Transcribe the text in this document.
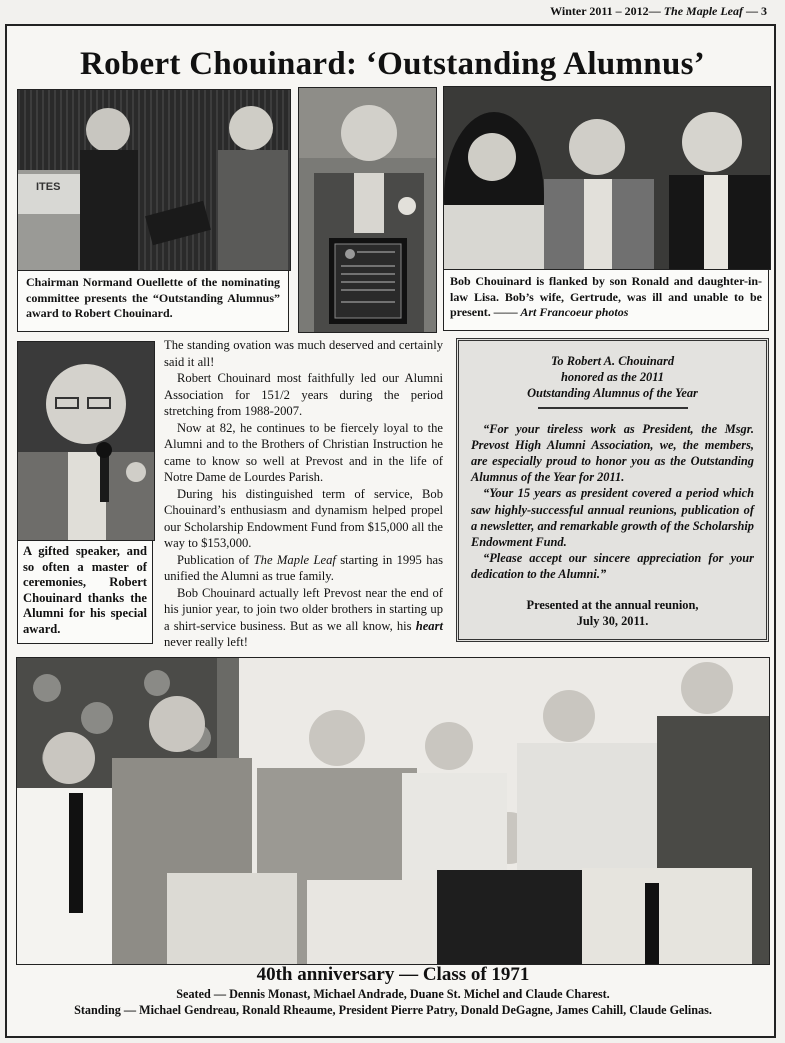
Winter 2011 – 2012— The Maple Leaf — 3
Robert Chouinard: ‘Outstanding Alumnus’
ITES
Chairman Normand Ouellette of the nominating committee presents the “Outstanding Alumnus” award to Robert Chouinard.
Bob Chouinard is flanked by son Ronald and daughter-in-law Lisa. Bob’s wife, Gertrude, was ill and unable to be present. —— Art Francoeur photos
A gifted speaker, and so often a master of ceremonies, Robert Chouinard thanks the Alumni for his special award.

The standing ovation was much deserved and certainly said it all!

Robert Chouinard most faithfully led our Alumni Association for 151/2 years during the period stretching from 1988-2007.

Now at 82, he continues to be fiercely loyal to the Alumni and to the Brothers of Christian Instruction he came to know so well at Prevost and in the life of Notre Dame de Lourdes Parish.

During his distinguished term of service, Bob Chouinard’s enthusiasm and dynamism helped propel our Scholarship Endowment Fund from $15,000 all the way to $153,000.

Publication of The Maple Leaf starting in 1995 has unified the Alumni as true family.

Bob Chouinard actually left Prevost near the end of his junior year, to join two older brothers in starting up a shirt-service business. But as we all know, his heart never really left!

To Robert A. Chouinard
honored as the 2011
Outstanding Alumnus of the Year

“For your tireless work as President, the Msgr. Prevost High Alumni Association, we, the members, are especially proud to honor you as the Outstanding Alumnus of the Year for 2011.

“Your 15 years as president covered a period which saw highly-successful annual reunions, publication of a newsletter, and remarkable growth of the Scholarship Endowment Fund.

“Please accept our sincere appreciation for your dedication to the Alumni.”

Presented at the annual reunion,
July 30, 2011.
40th anniversary — Class of 1971
Seated — Dennis Monast, Michael Andrade, Duane St. Michel and Claude Charest.
Standing — Michael Gendreau, Ronald Rheaume, President Pierre Patry, Donald DeGagne, James Cahill, Claude Gelinas.
